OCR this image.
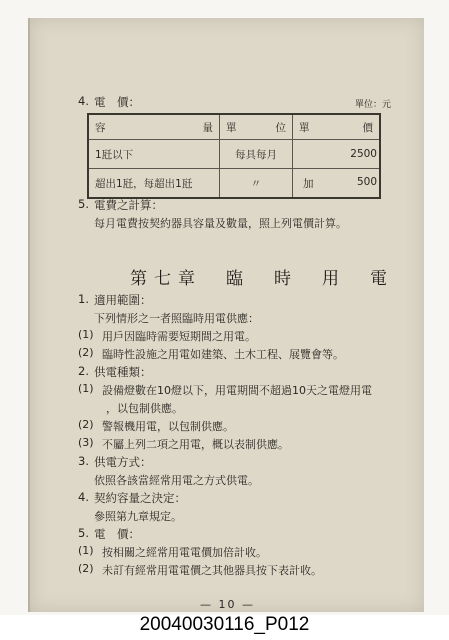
4. 電　價：	單位：元
容 量	單 位	單 價

1瓩以下	每具每月	2500
超出1瓩，每超出1瓩	〃	加 500
5. 電費之計算：
每月電費按契約器具容量及數量，照上列電價計算。
第七章　臨　時　用　電
1. 適用範圍：
下列情形之一者照臨時用電供應：
(1) 用戶因臨時需要短期間之用電。
(2) 臨時性設施之用電如建築、土木工程、展覽會等。
2. 供電種類：
(1) 設備燈數在10燈以下，用電期間不超過10天之電燈用電
，以包制供應。
(2) 警報機用電，以包制供應。
(3) 不屬上列二項之用電，概以表制供應。
3. 供電方式：
依照各該當經常用電之方式供電。
4. 契約容量之決定：
參照第九章規定。
5. 電　價：
(1) 按相關之經常用電電價加倍計收。
(2) 未訂有經常用電電價之其他器具按下表計收。
— 10 —
20040030116_P012
